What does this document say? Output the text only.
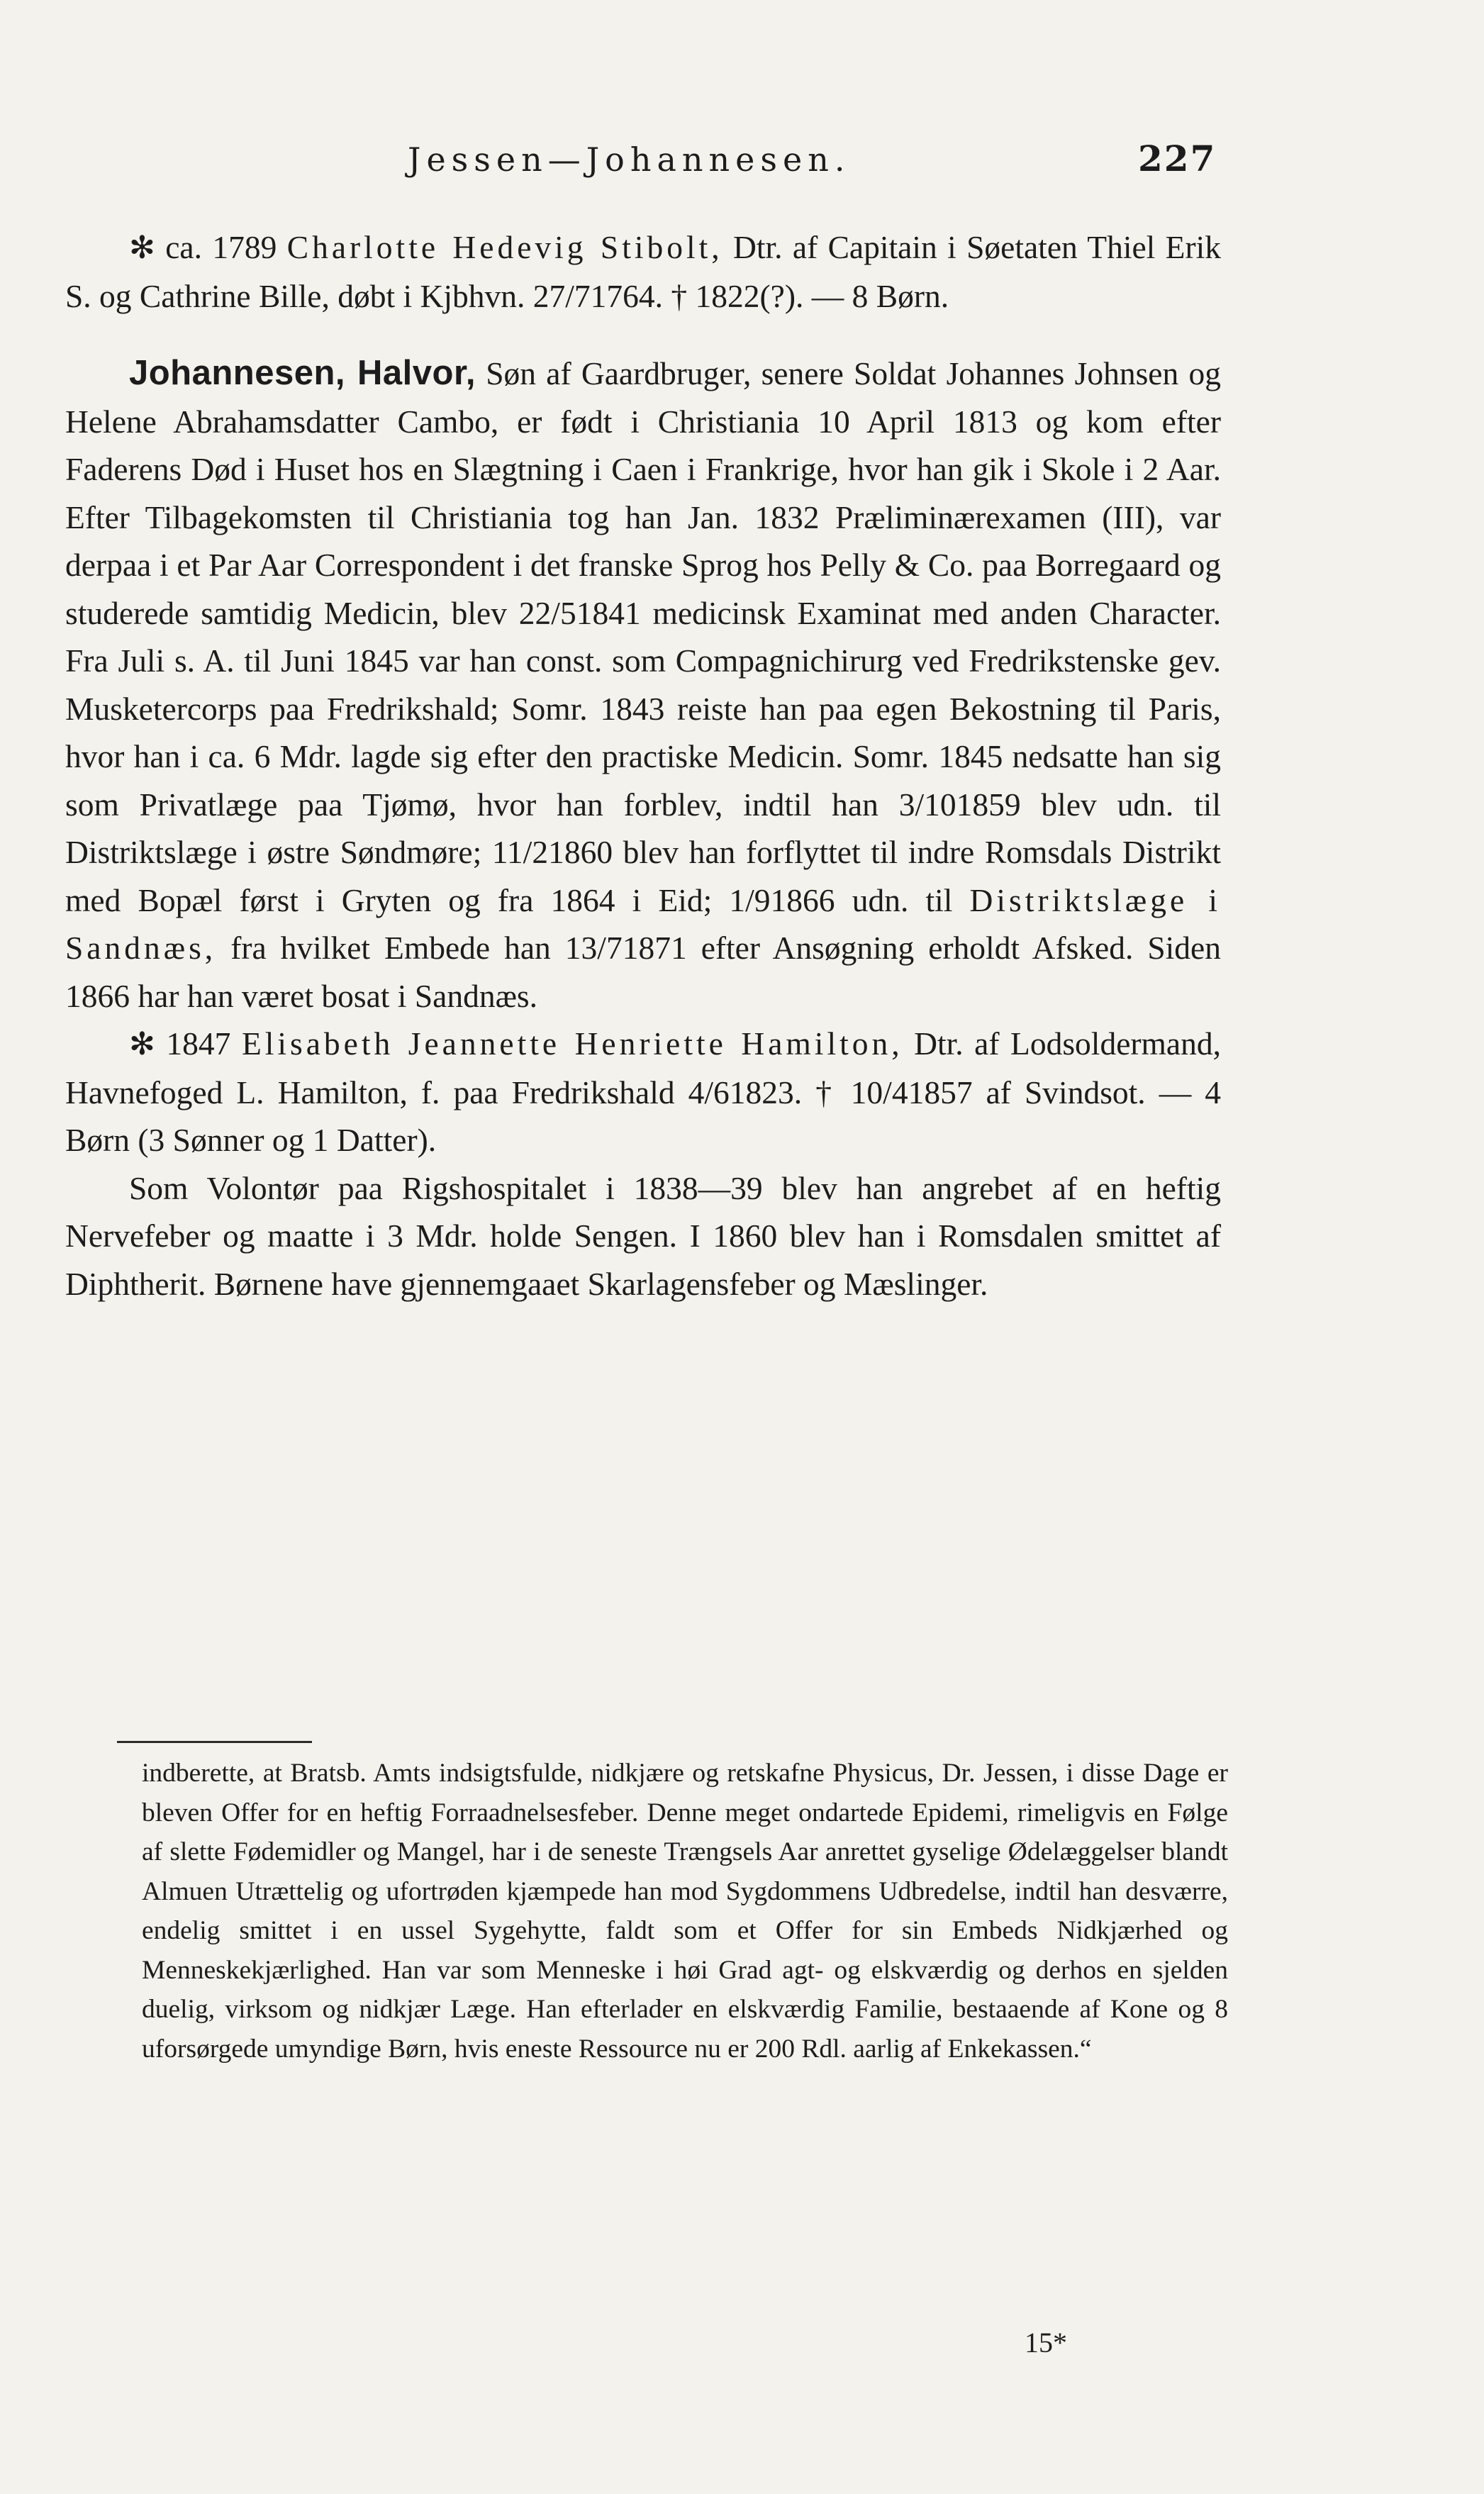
Jessen—Johannesen.	227

✻ ca. 1789 Charlotte Hedevig Stibolt, Dtr. af Capitain i Søetaten Thiel Erik S. og Cathrine Bille, døbt i Kjbhvn. 27/71764. † 1822(?). — 8 Børn.

Johannesen, Halvor, Søn af Gaardbruger, senere Soldat Johannes Johnsen og Helene Abrahamsdatter Cambo, er født i Christiania 10 April 1813 og kom efter Faderens Død i Huset hos en Slægtning i Caen i Frankrige, hvor han gik i Skole i 2 Aar. Efter Tilbagekomsten til Christiania tog han Jan. 1832 Præliminærexamen (III), var derpaa i et Par Aar Correspondent i det franske Sprog hos Pelly & Co. paa Borregaard og studerede samtidig Medicin, blev 22/51841 medicinsk Examinat med anden Character. Fra Juli s. A. til Juni 1845 var han const. som Compagnichirurg ved Fredrikstenske gev. Musketercorps paa Fredrikshald; Somr. 1843 reiste han paa egen Bekostning til Paris, hvor han i ca. 6 Mdr. lagde sig efter den practiske Medicin. Somr. 1845 nedsatte han sig som Privatlæge paa Tjømø, hvor han forblev, indtil han 3/101859 blev udn. til Distriktslæge i østre Søndmøre; 11/21860 blev han forflyttet til indre Romsdals Distrikt med Bopæl først i Gryten og fra 1864 i Eid; 1/91866 udn. til Distriktslæge i Sandnæs, fra hvilket Embede han 13/71871 efter Ansøgning erholdt Afsked. Siden 1866 har han været bosat i Sandnæs.

✻ 1847 Elisabeth Jeannette Henriette Hamilton, Dtr. af Lodsoldermand, Havnefoged L. Hamilton, f. paa Fredrikshald 4/61823. † 10/41857 af Svindsot. — 4 Børn (3 Sønner og 1 Datter).

Som Volontør paa Rigshospitalet i 1838—39 blev han angrebet af en heftig Nervefeber og maatte i 3 Mdr. holde Sengen. I 1860 blev han i Romsdalen smittet af Diphtherit. Børnene have gjennemgaaet Skarlagensfeber og Mæslinger.

indberette, at Bratsb. Amts indsigtsfulde, nidkjære og retskafne Physicus, Dr. Jessen, i disse Dage er bleven Offer for en heftig Forraadnelsesfeber. Denne meget ondartede Epidemi, rimeligvis en Følge af slette Fødemidler og Mangel, har i de seneste Trængsels Aar anrettet gyselige Ødelæggelser blandt Almuen Utrættelig og ufortrøden kjæmpede han mod Sygdommens Udbredelse, indtil han desværre, endelig smittet i en ussel Sygehytte, faldt som et Offer for sin Embeds Nidkjærhed og Menneskekjærlighed. Han var som Menneske i høi Grad agt- og elskværdig og derhos en sjelden duelig, virksom og nidkjær Læge. Han efterlader en elskværdig Familie, bestaaende af Kone og 8 uforsørgede umyndige Børn, hvis eneste Ressource nu er 200 Rdl. aarlig af Enkekassen.“

15*
